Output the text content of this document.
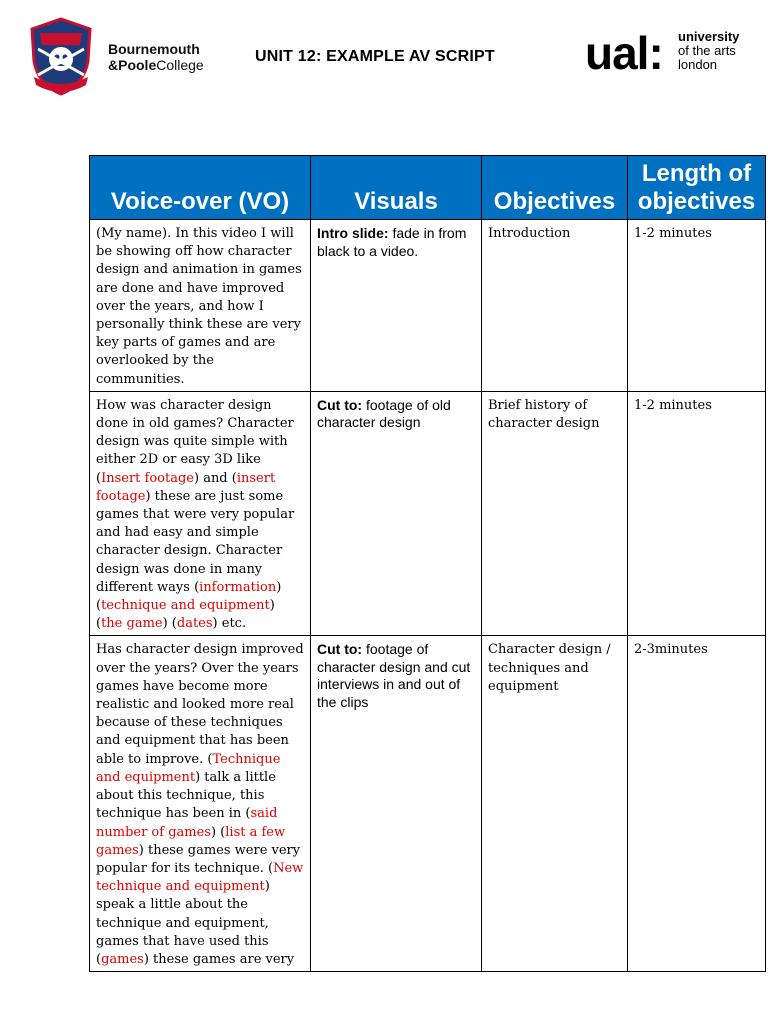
Bournemouth
&PooleCollege	UNIT 12: EXAMPLE AV SCRIPT ual: university
of the arts
london
Voice-over (VO)	Visuals	Objectives	Length of objectives
(My name). In this video I will be showing off how character design and animation in games are done and have improved over the years, and how I personally think these are very key parts of games and are overlooked by the communities.	Intro slide: fade in from black to a video.	Introduction	1-2 minutes
How was character design done in old games? Character design was quite simple with either 2D or easy 3D like (Insert footage) and (insert footage) these are just some games that were very popular and had easy and simple character design. Character design was done in many different ways (information) (technique and equipment) (the game) (dates) etc.	Cut to: footage of old character design	Brief history of character design	1-2 minutes
Has character design improved over the years? Over the years games have become more realistic and looked more real because of these techniques and equipment that has been able to improve. (Technique and equipment) talk a little about this technique, this technique has been in (said number of games) (list a few games) these games were very popular for its technique. (New technique and equipment) speak a little about the technique and equipment, games that have used this (games) these games are very	Cut to: footage of character design and cut interviews in and out of the clips	Character design / techniques and equipment	2-3minutes
